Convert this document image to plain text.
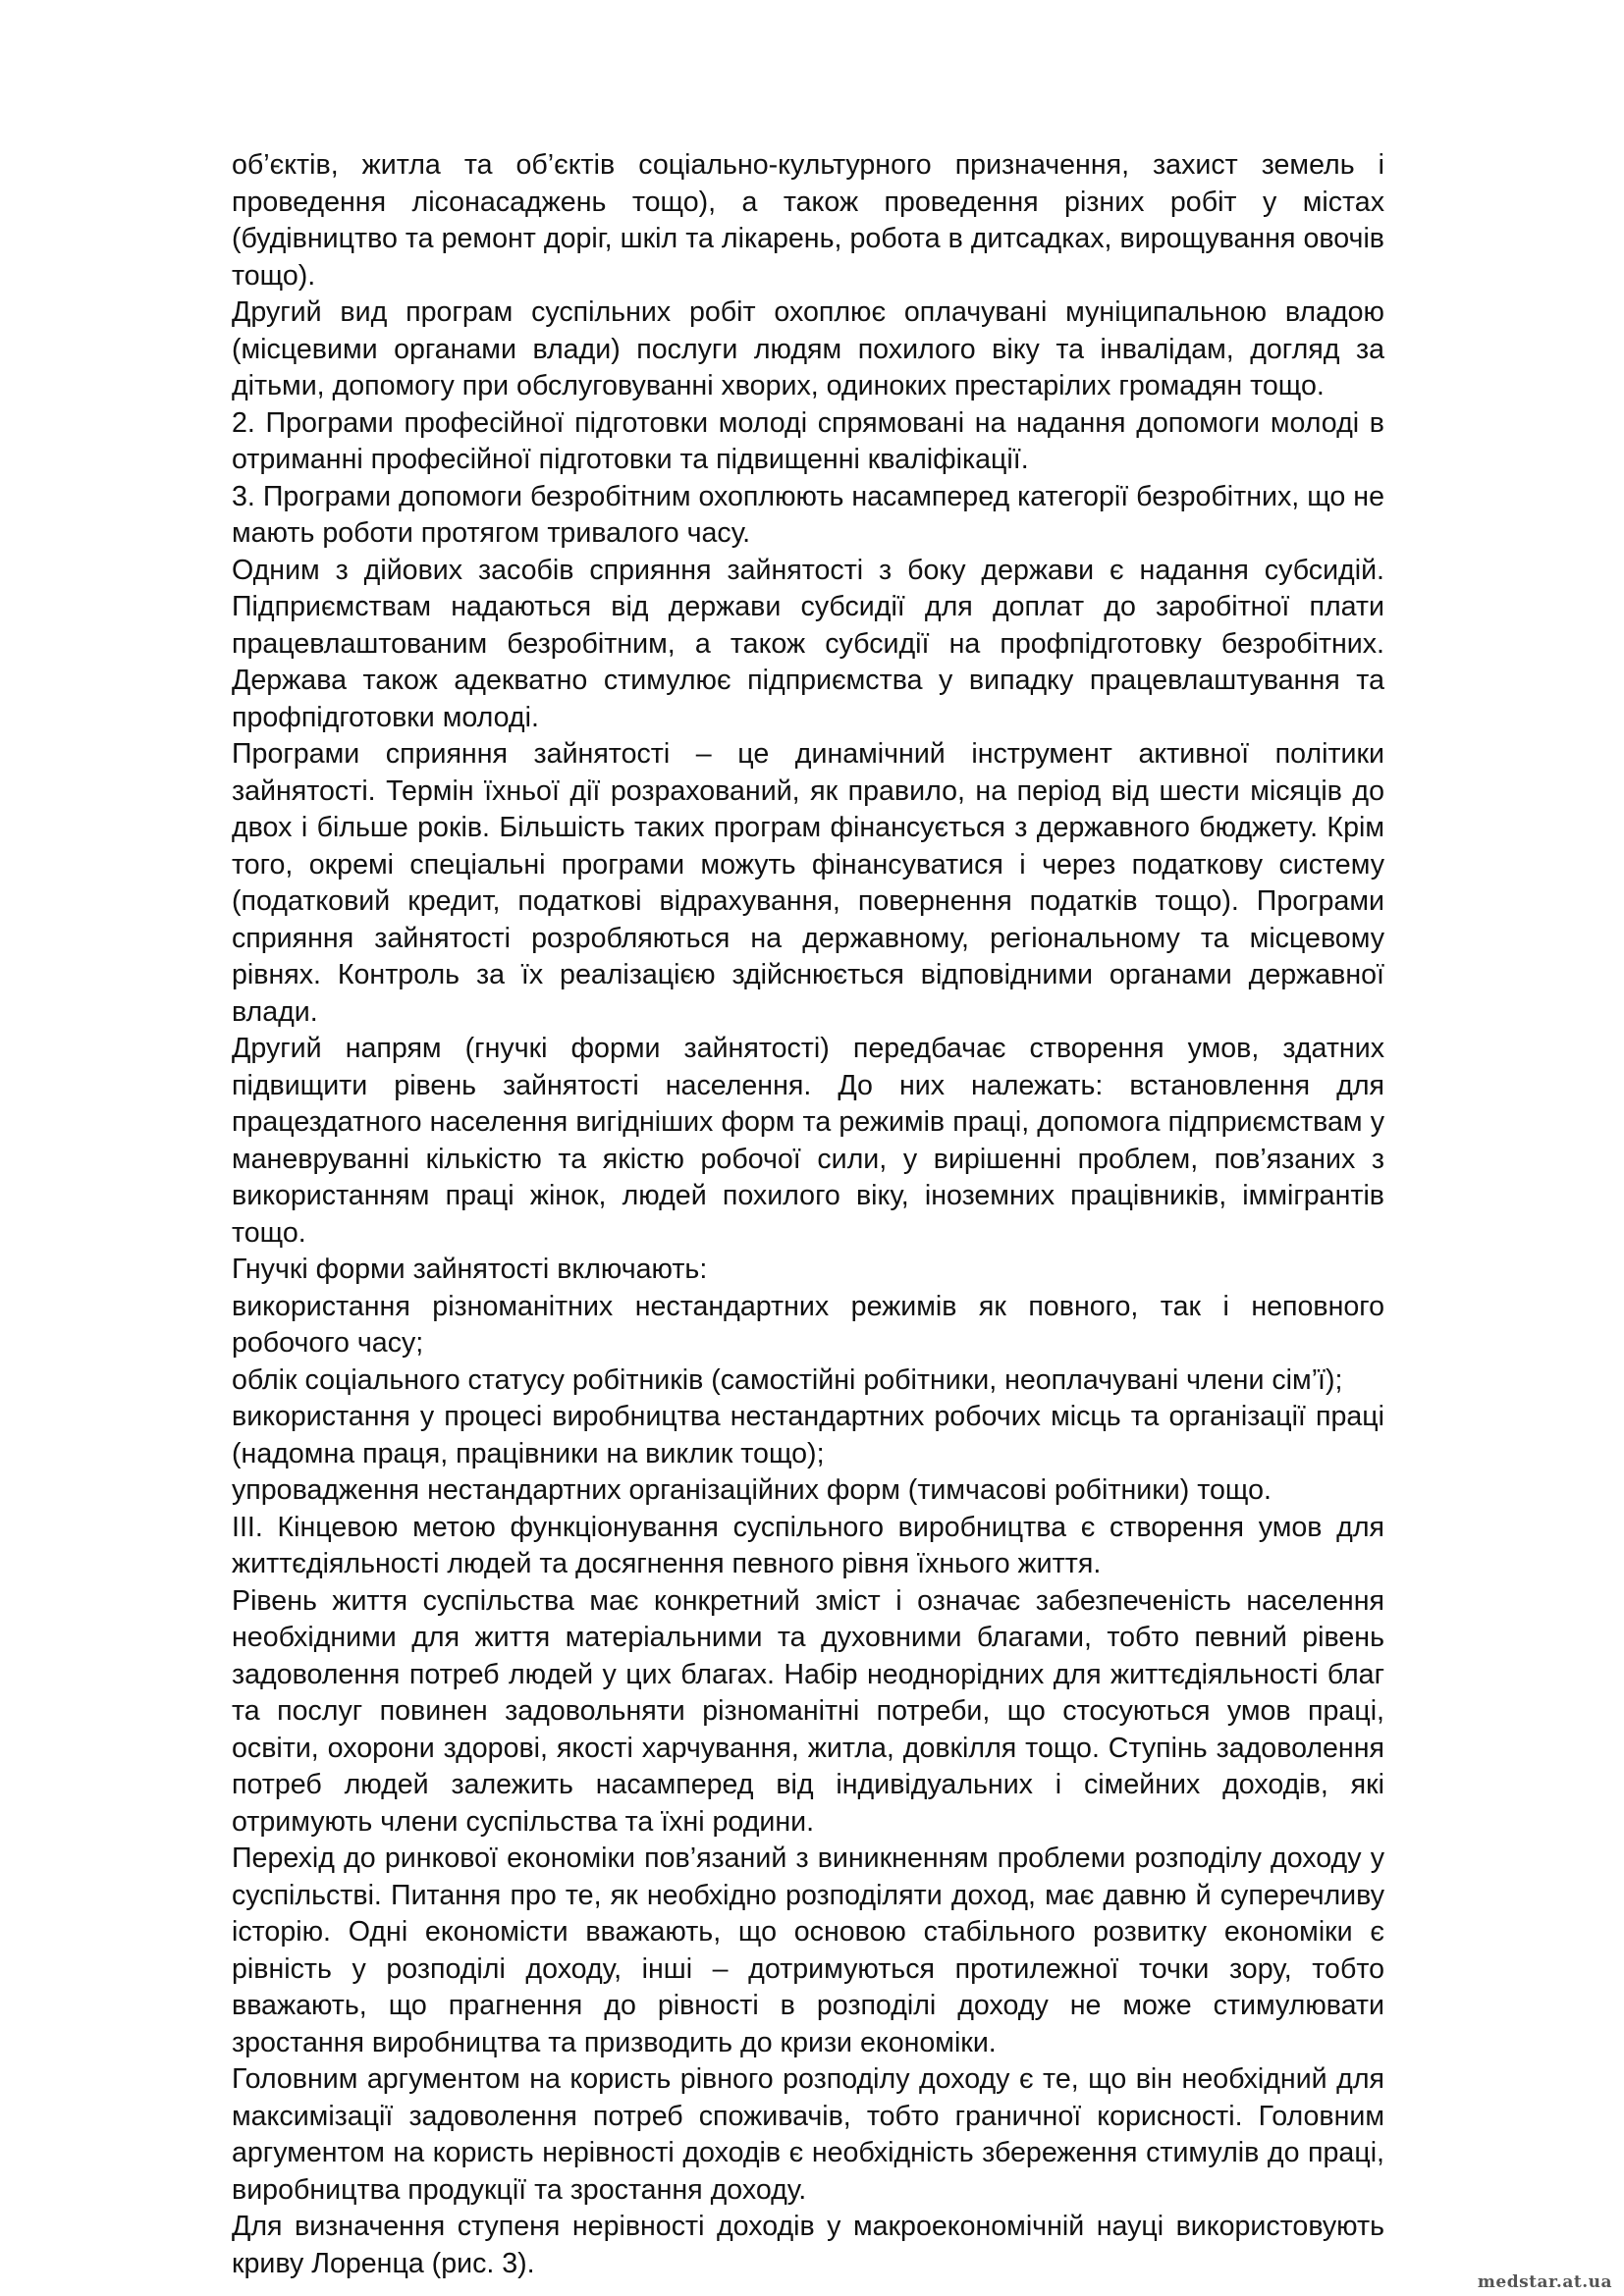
об’єктів, житла та об’єктів соціально-культурного призначення, захист земель і проведення лісонасаджень тощо), а також проведення різних робіт у містах (будівництво та ремонт доріг, шкіл та лікарень, робота в дитсадках, вирощування овочів тощо).

Другий вид програм суспільних робіт охоплює оплачувані муніципальною владою (місцевими органами влади) послуги людям похилого віку та інвалідам, догляд за дітьми, допомогу при обслуговуванні хворих, одиноких престарілих громадян тощо.

2. Програми професійної підготовки молоді спрямовані на надання допомоги молоді в отриманні професійної підготовки та підвищенні кваліфікації.

3. Програми допомоги безробітним охоплюють насамперед категорії безробітних, що не мають роботи протягом тривалого часу.

Одним з дійових засобів сприяння зайнятості з боку держави є надання субсидій. Підприємствам надаються від держави субсидії для доплат до заробітної плати працевлаштованим безробітним, а також субсидії на профпідготовку безробітних. Держава також адекватно стимулює підприємства у випадку працевлаштування та профпідготовки молоді.

Програми сприяння зайнятості – це динамічний інструмент активної політики зайнятості. Термін їхньої дії розрахований, як правило, на період від шести місяців до двох і більше років. Більшість таких програм фінансується з державного бюджету. Крім того, окремі спеціальні програми можуть фінансуватися і через податкову систему (податковий кредит, податкові відрахування, повернення податків тощо). Програми сприяння зайнятості розробляються на державному, регіональному та місцевому рівнях. Контроль за їх реалізацією здійснюється відповідними органами державної влади.

Другий напрям (гнучкі форми зайнятості) передбачає створення умов, здатних підвищити рівень зайнятості населення. До них належать: встановлення для працездатного населення вигідніших форм та режимів праці, допомога підприємствам у маневруванні кількістю та якістю робочої сили, у вирішенні проблем, пов’язаних з використанням праці жінок, людей похилого віку, іноземних працівників, іммігрантів тощо.

Гнучкі форми зайнятості включають:

використання різноманітних нестандартних режимів як повного, так і неповного робочого часу;

облік соціального статусу робітників (самостійні робітники, неоплачувані члени сім’ї);

використання у процесі виробництва нестандартних робочих місць та організації праці (надомна праця, працівники на виклик тощо);

упровадження нестандартних організаційних форм (тимчасові робітники) тощо.

ІІІ. Кінцевою метою функціонування суспільного виробництва є створення умов для життєдіяльності людей та досягнення певного рівня їхнього життя.

Рівень життя суспільства має конкретний зміст і означає забезпеченість населення необхідними для життя матеріальними та духовними благами, тобто певний рівень задоволення потреб людей у цих благах. Набір неоднорідних для життєдіяльності благ та послуг повинен задовольняти різноманітні потреби, що стосуються умов праці, освіти, охорони здорові, якості харчування, житла, довкілля тощо. Ступінь задоволення потреб людей залежить насамперед від індивідуальних і сімейних доходів, які отримують члени суспільства та їхні родини.

Перехід до ринкової економіки пов’язаний з виникненням проблеми розподілу доходу у суспільстві. Питання про те, як необхідно розподіляти доход, має давню й суперечливу історію. Одні економісти вважають, що основою стабільного розвитку економіки є рівність у розподілі доходу, інші – дотримуються протилежної точки зору, тобто вважають, що прагнення до рівності в розподілі доходу не може стимулювати зростання виробництва та призводить до кризи економіки.

Головним аргументом на користь рівного розподілу доходу є те, що він необхідний для максимізації задоволення потреб споживачів, тобто граничної корисності. Головним аргументом на користь нерівності доходів є необхідність збереження стимулів до праці, виробництва продукції та зростання доходу.

Для визначення ступеня нерівності доходів у макроекономічній науці використовують криву Лоренца (рис. 3).

medstar.at.ua
